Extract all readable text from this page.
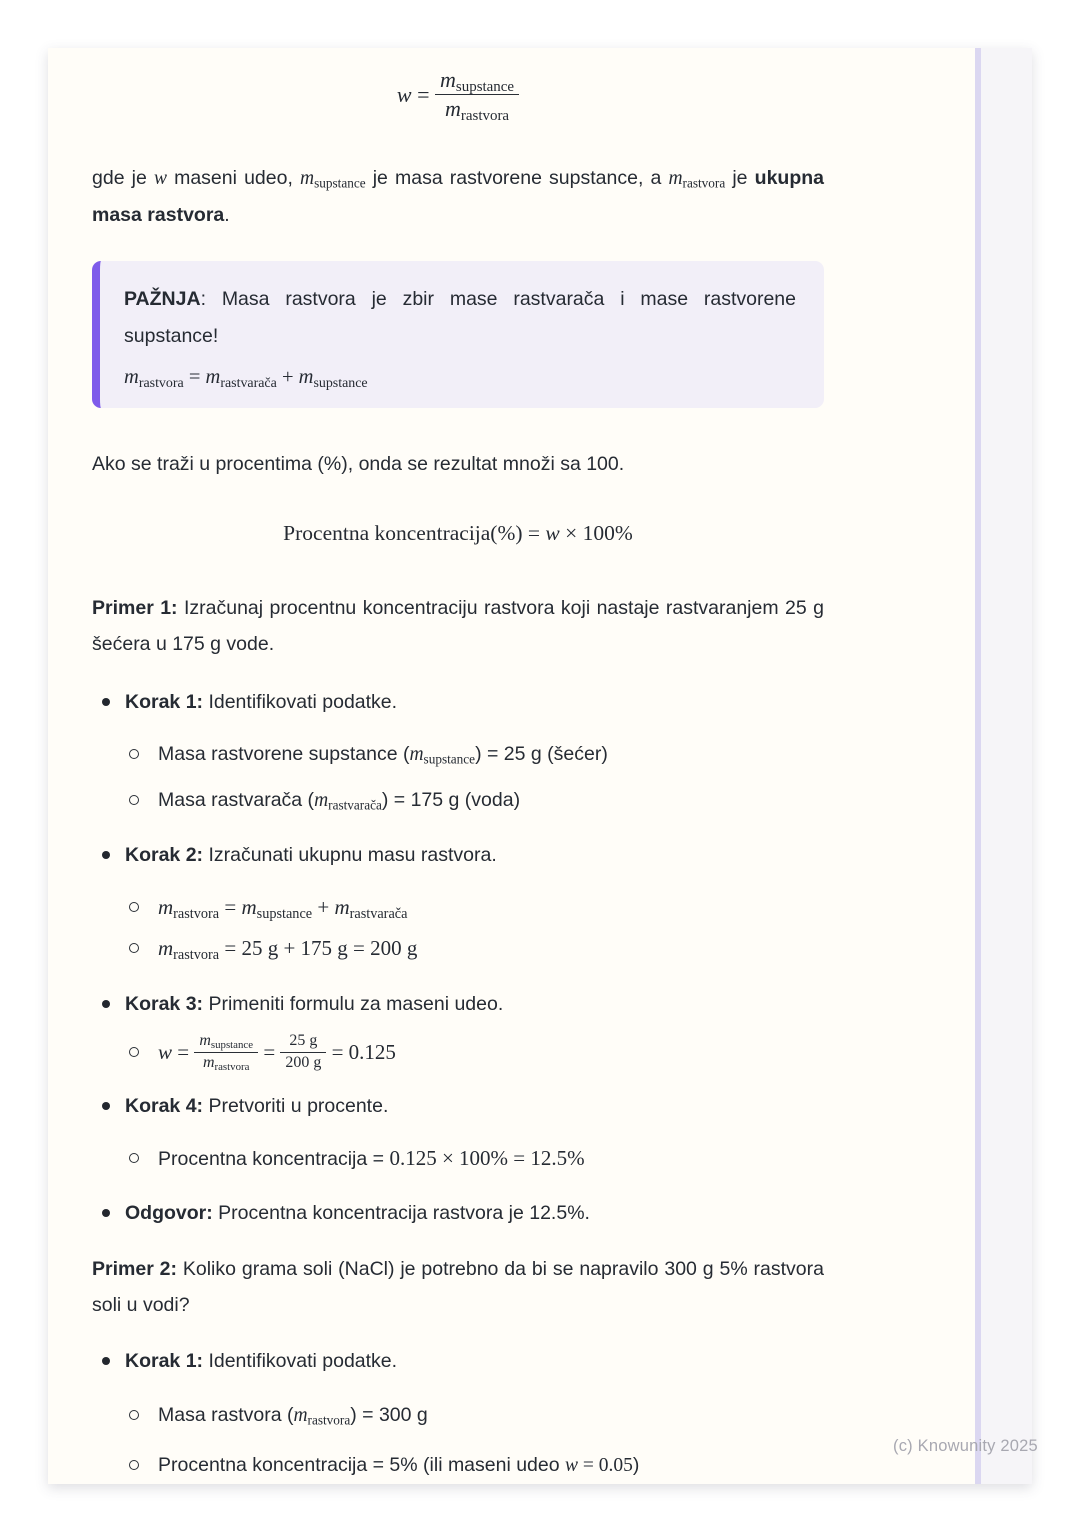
$w = \frac{m_{supstance}}{m_{rastvora}}$

gde je w maseni udeo, $m_{supstance}$ je masa rastvorene supstance, a $m_{rastvora}$ je ukupna masa rastvora.

PAŽNJA: Masa rastvora je zbir mase rastvarača i mase rastvorene supstance!

$m_{rastvora} = m_{rastvarača} + m_{supstance}$

Ako se traži u procentima (%), onda se rezultat množi sa 100.

Procentna koncentracija(%) = w × 100%

Primer 1: Izračunaj procentnu koncentraciju rastvora koji nastaje rastvaranjem 25 g šećera u 175 g vode.

Korak 1: Identifikovati podatke.
Masa rastvorene supstance $(m_{supstance}) = 25$ g (šećer)
Masa rastvarača $(m_{rastvarača}) = 175$ g (voda)
Korak 2: Izračunati ukupnu masu rastvora.
$m_{rastvora} = m_{supstance} + m_{rastvarača}$
$m_{rastvora} = 25$ g + 175 g = 200 g
Korak 3: Primeniti formulu za maseni udeo.
$w = \frac{m_{supstance}}{m_{rastvora}} = \frac{25 g}{200 g} = 0.125$
Korak 4: Pretvoriti u procente.
Procentna koncentracija = 0.125 × 100% = 12.5%
Odgovor: Procentna koncentracija rastvora je 12.5%.

Primer 2: Koliko grama soli (NaCl) je potrebno da bi se napravilo 300 g 5% rastvora soli u vodi?

Korak 1: Identifikovati podatke.
Masa rastvora $(m_{rastvora}) = 300$ g
Procentna koncentracija = 5% (ili maseni udeo w = 0.05)
(c) Knowunity 2025
